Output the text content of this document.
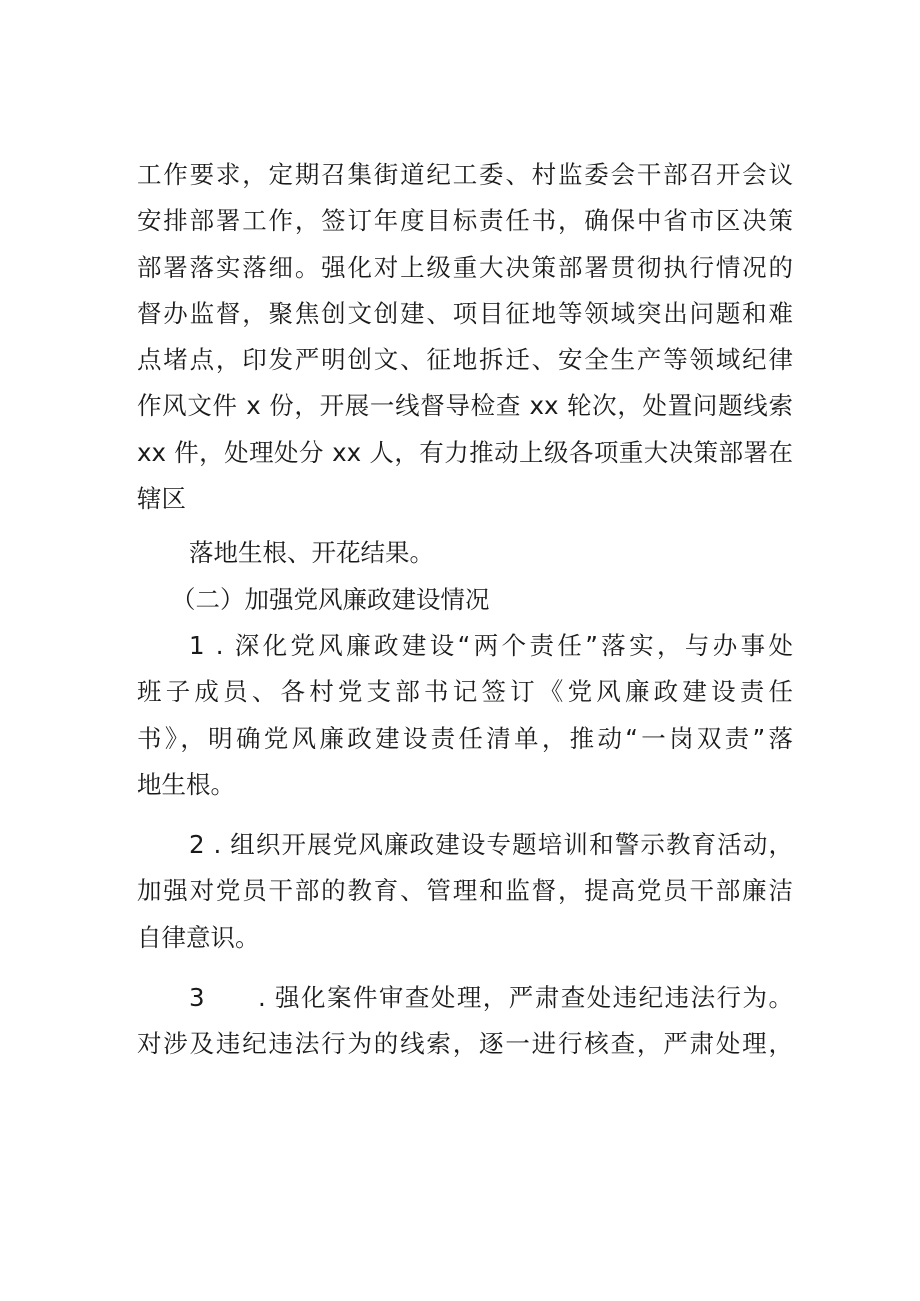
工作要求，定期召集街道纪工委、村监委会干部召开会议
安排部署工作，签订年度目标责任书，确保中省市区决策
部署落实落细。强化对上级重大决策部署贯彻执行情况的
督办监督，聚焦创文创建、项目征地等领域突出问题和难
点堵点，印发严明创文、征地拆迁、安全生产等领域纪律
作风文件 x 份，开展一线督导检查 xx 轮次，处置问题线索
xx 件，处理处分 xx 人，有力推动上级各项重大决策部署在
辖区
落地生根、开花结果。
（二）加强党风廉政建设情况
1 . 深化党风廉政建设“两个责任”落实，与办事处
班子成员、各村党支部书记签订《党风廉政建设责任
书》，明确党风廉政建设责任清单，推动“一岗双责”落
地生根。
2 . 组织开展党风廉政建设专题培训和警示教育活动，
加强对党员干部的教育、管理和监督，提高党员干部廉洁
自律意识。
3　　. 强化案件审查处理，严肃查处违纪违法行为。
对涉及违纪违法行为的线索，逐一进行核查，严肃处理，
